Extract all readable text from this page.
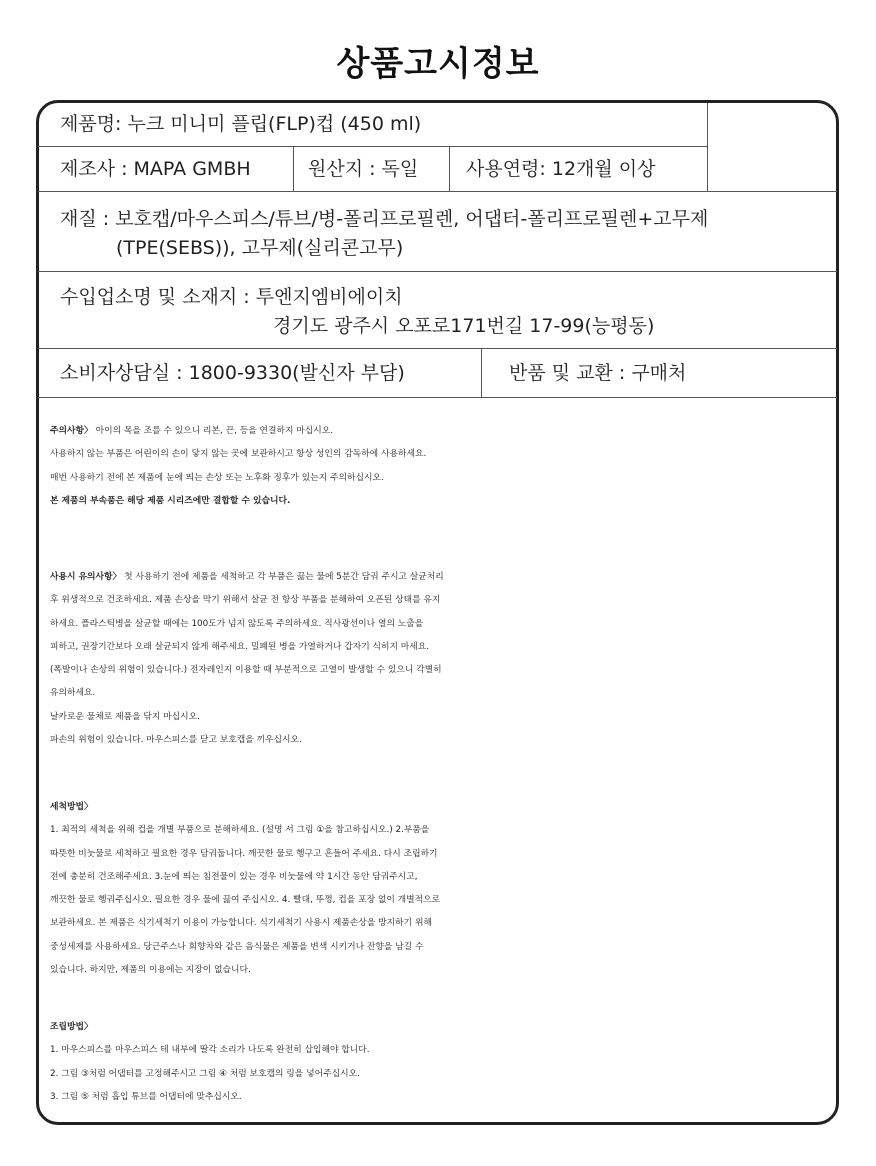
상품고시정보
제품명: 누크 미니미 플립(FLP)컵 (450 ml)
제조사 : MAPA GMBH	원산지 : 독일	사용연령: 12개월 이상
재질 : 보호캡/마우스피스/튜브/병-폴리프로필렌, 어댑터-폴리프로필렌+고무제
(TPE(SEBS)), 고무제(실리콘고무)
수입업소명 및 소재지 : 투엔지엠비에이치
경기도 광주시 오포로171번길 17-99(능평동)
소비자상담실 : 1800-9330(발신자 부담)	반품 및 교환 : 구매처
주의사항〉 아이의 목을 조를 수 있으니 리본, 끈, 등을 연결하지 마십시오.
사용하지 않는 부품은 어린이의 손이 닿지 않는 곳에 보관하시고 항상 성인의 감독하에 사용하세요.
매번 사용하기 전에 본 제품에 눈에 띄는 손상 또는 노후화 징후가 있는지 주의하십시오.
본 제품의 부속품은 해당 제품 시리즈에만 결합할 수 있습니다.
사용시 유의사항〉 첫 사용하기 전에 제품을 세척하고 각 부품은 끓는 물에 5분간 담궈 주시고 살균처리
후 위생적으로 건조하세요. 제품 손상을 막기 위해서 살균 전 항상 부품을 분해하여 오픈된 상태를 유지
하세요. 플라스틱병을 살균할 때에는 100도가 넘지 않도록 주의하세요. 직사광선이나 열의 노출을
피하고, 권장기간보다 오래 살균되지 않게 해주세요. 밀폐된 병을 가열하거나 갑자기 식히지 마세요.
(폭발이나 손상의 위험이 있습니다.) 전자레인지 이용할 때 부분적으로 고열이 발생할 수 있으니 각별히
유의하세요.
날카로운 물체로 제품을 닦지 마십시오.
파손의 위험이 있습니다. 마우스피스를 닫고 보호캡을 끼우십시오.
세척방법〉
1. 최적의 세척을 위해 컵을 개별 부품으로 분해하세요. (설명 서 그림 ①을 참고하십시오.) 2.부품을
따뜻한 비눗물로 세척하고 필요한 경우 담궈둡니다. 깨끗한 물로 헹구고 흔들어 주세요. 다시 조립하기
전에 충분히 건조해주세요. 3.눈에 띄는 침전물이 있는 경우 비눗물에 약 1시간 동안 담궈주시고,
깨끗한 물로 헹궈주십시오. 필요한 경우 물에 끓여 주십시오. 4. 빨대, 뚜껑, 컵을 포장 없이 개별적으로
보관하세요. 본 제품은 식기세척기 이용이 가능합니다. 식기세척기 사용시 제품손상을 방지하기 위해
중성세제를 사용하세요. 당근주스나 회향차와 같은 음식물은 제품을 변색 시키거나 잔향을 남길 수
있습니다. 하지만, 제품의 이용에는 지장이 없습니다.
조립방법〉
1. 마우스피스를 마우스피스 테 내부에 딸각 소리가 나도록 완전히 삽입해야 합니다.
2. 그림 ③처럼 어댑터를 고정해주시고 그림 ④ 처럼 보호캡의 링을 넣어주십시오.
3. 그림 ⑤ 처럼 흡입 튜브를 어댑터에 맞추십시오.
